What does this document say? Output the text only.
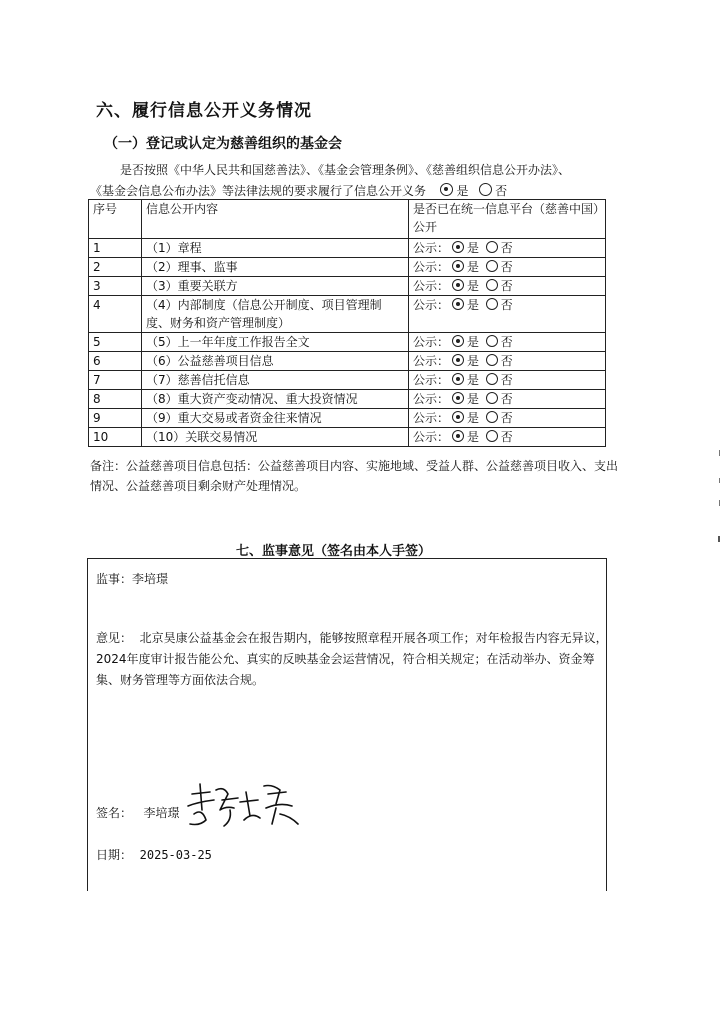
六、履行信息公开义务情况
（一）登记或认定为慈善组织的基金会

是否按照《中华人民共和国慈善法》、《基金会管理条例》、《慈善组织信息公开办法》、

《基金会信息公布办法》等法律法规的要求履行了信息公开义务	是 否

序号	信息公开内容	是否已在统一信息平台（慈善中国）公开
1	（1）章程	公示： 是 否
2	（2）理事、监事	公示： 是 否
3	（3）重要关联方	公示： 是 否
4	（4）内部制度（信息公开制度、项目管理制度、财务和资产管理制度）	公示： 是 否
5	（5）上一年年度工作报告全文	公示： 是 否
6	（6）公益慈善项目信息	公示： 是 否
7	（7）慈善信托信息	公示： 是 否
8	（8）重大资产变动情况、重大投资情况	公示： 是 否
9	（9）重大交易或者资金往来情况	公示： 是 否
10	（10）关联交易情况	公示： 是 否
备注：公益慈善项目信息包括：公益慈善项目内容、实施地域、受益人群、公益慈善项目收入、支出情况、公益慈善项目剩余财产处理情况。
七、监事意见（签名由本人手签）
监事：李培璟
意见： 北京昊康公益基金会在报告期内，能够按照章程开展各项工作；对年检报告内容无异议，2024年度审计报告能公允、真实的反映基金会运营情况，符合相关规定；在活动举办、资金筹集、财务管理等方面依法合规。
签名： 李培璟
日期： 2025-03-25
